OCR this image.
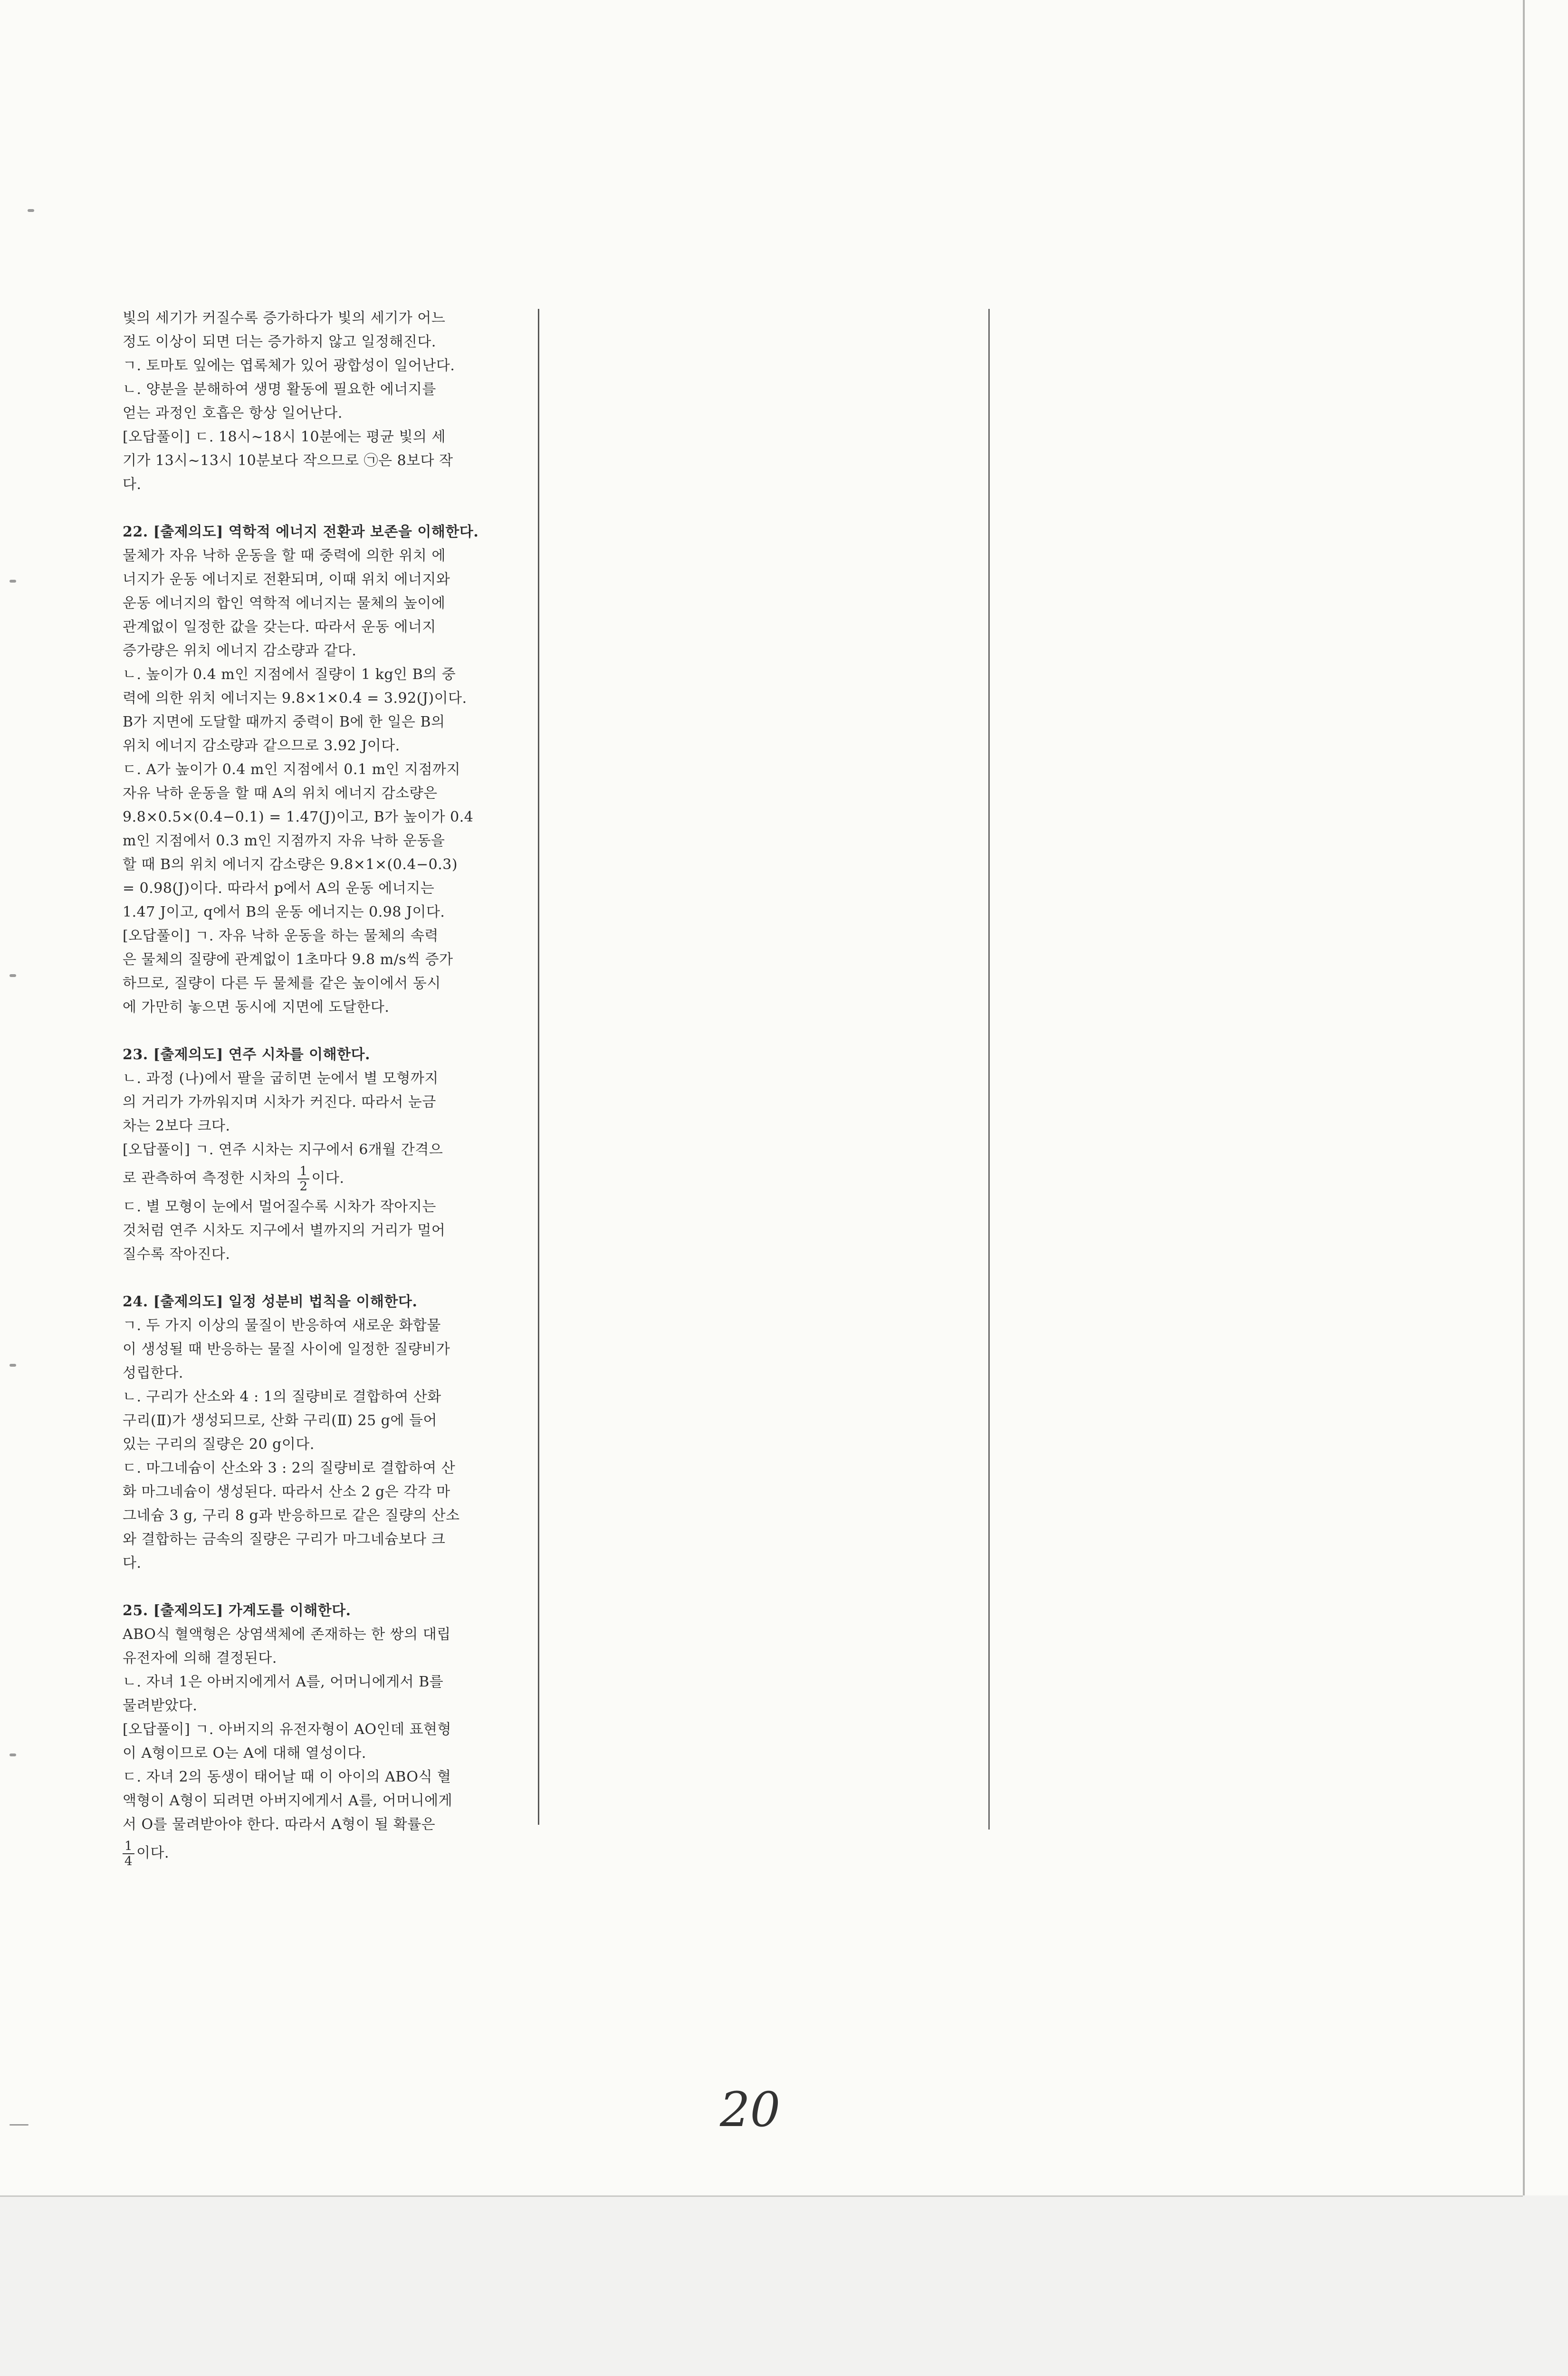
빛의 세기가 커질수록 증가하다가 빛의 세기가 어느

정도 이상이 되면 더는 증가하지 않고 일정해진다.

ㄱ. 토마토 잎에는 엽록체가 있어 광합성이 일어난다.

ㄴ. 양분을 분해하여 생명 활동에 필요한 에너지를

얻는 과정인 호흡은 항상 일어난다.

[오답풀이] ㄷ. 18시~18시 10분에는 평균 빛의 세

기가 13시~13시 10분보다 작으므로 ㉠은 8보다 작

다.

22. [출제의도] 역학적 에너지 전환과 보존을 이해한다.

물체가 자유 낙하 운동을 할 때 중력에 의한 위치 에

너지가 운동 에너지로 전환되며, 이때 위치 에너지와

운동 에너지의 합인 역학적 에너지는 물체의 높이에

관계없이 일정한 값을 갖는다. 따라서 운동 에너지

증가량은 위치 에너지 감소량과 같다.

ㄴ. 높이가 0.4 m인 지점에서 질량이 1 kg인 B의 중

력에 의한 위치 에너지는 9.8×1×0.4 = 3.92(J)이다.

B가 지면에 도달할 때까지 중력이 B에 한 일은 B의

위치 에너지 감소량과 같으므로 3.92 J이다.

ㄷ. A가 높이가 0.4 m인 지점에서 0.1 m인 지점까지

자유 낙하 운동을 할 때 A의 위치 에너지 감소량은

9.8×0.5×(0.4−0.1) = 1.47(J)이고, B가 높이가 0.4

m인 지점에서 0.3 m인 지점까지 자유 낙하 운동을

할 때 B의 위치 에너지 감소량은 9.8×1×(0.4−0.3)

= 0.98(J)이다. 따라서 p에서 A의 운동 에너지는

1.47 J이고, q에서 B의 운동 에너지는 0.98 J이다.

[오답풀이] ㄱ. 자유 낙하 운동을 하는 물체의 속력

은 물체의 질량에 관계없이 1초마다 9.8 m/s씩 증가

하므로, 질량이 다른 두 물체를 같은 높이에서 동시

에 가만히 놓으면 동시에 지면에 도달한다.

23. [출제의도] 연주 시차를 이해한다.

ㄴ. 과정 (나)에서 팔을 굽히면 눈에서 별 모형까지

의 거리가 가까워지며 시차가 커진다. 따라서 눈금

차는 2보다 크다.

[오답풀이] ㄱ. 연주 시차는 지구에서 6개월 간격으

로 관측하여 측정한 시차의 $\frac{1}{2}$ 이다.

ㄷ. 별 모형이 눈에서 멀어질수록 시차가 작아지는

것처럼 연주 시차도 지구에서 별까지의 거리가 멀어

질수록 작아진다.

24. [출제의도] 일정 성분비 법칙을 이해한다.

ㄱ. 두 가지 이상의 물질이 반응하여 새로운 화합물

이 생성될 때 반응하는 물질 사이에 일정한 질량비가

성립한다.

ㄴ. 구리가 산소와 4 : 1의 질량비로 결합하여 산화

구리(Ⅱ)가 생성되므로, 산화 구리(Ⅱ) 25 g에 들어

있는 구리의 질량은 20 g이다.

ㄷ. 마그네슘이 산소와 3 : 2의 질량비로 결합하여 산

화 마그네슘이 생성된다. 따라서 산소 2 g은 각각 마

그네슘 3 g, 구리 8 g과 반응하므로 같은 질량의 산소

와 결합하는 금속의 질량은 구리가 마그네슘보다 크

다.

25. [출제의도] 가계도를 이해한다.

ABO식 혈액형은 상염색체에 존재하는 한 쌍의 대립

유전자에 의해 결정된다.

ㄴ. 자녀 1은 아버지에게서 A를, 어머니에게서 B를

물려받았다.

[오답풀이] ㄱ. 아버지의 유전자형이 AO인데 표현형

이 A형이므로 O는 A에 대해 열성이다.

ㄷ. 자녀 2의 동생이 태어날 때 이 아이의 ABO식 혈

액형이 A형이 되려면 아버지에게서 A를, 어머니에게

서 O를 물려받아야 한다. 따라서 A형이 될 확률은

$\frac{1}{4}$ 이다.

20
